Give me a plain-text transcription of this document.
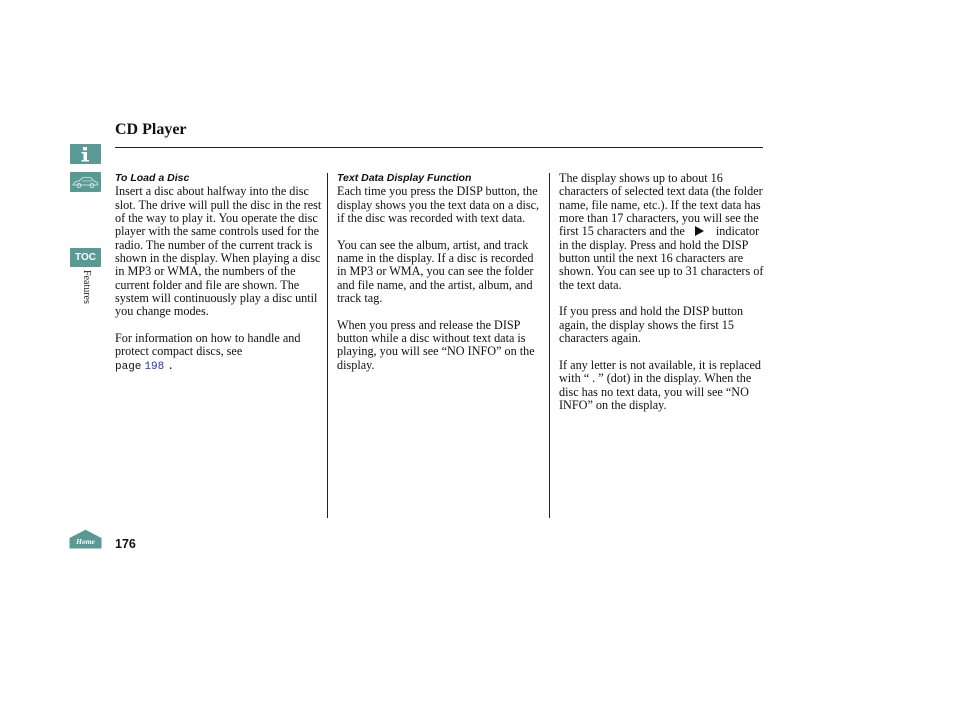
TOC
Features
Home
CD Player
To Load a Disc

Insert a disc about halfway into the disc slot. The drive will pull the disc in the rest of the way to play it. You operate the disc player with the same controls used for the radio. The number of the current track is shown in the display. When playing a disc in MP3 or WMA, the numbers of the current folder and file are shown. The system will continuously play a disc until you change modes.

For information on how to handle and protect compact discs, see
page 198 .

Text Data Display Function

Each time you press the DISP button, the display shows you the text data on a disc, if the disc was recorded with text data.

You can see the album, artist, and track name in the display. If a disc is recorded in MP3 or WMA, you can see the folder and file name, and the artist, album, and track tag.

When you press and release the DISP button while a disc without text data is playing, you will see “NO INFO” on the display.

The display shows up to about 16 characters of selected text data (the folder name, file name, etc.). If the text data has more than 17 characters, you will see the first 15 characters and the	indicator in the display. Press and hold the DISP button until the next 16 characters are shown. You can see up to 31 characters of the text data.

If you press and hold the DISP button again, the display shows the first 15 characters again.

If any letter is not available, it is replaced with “ . ” (dot) in the display. When the disc has no text data, you will see “NO INFO” on the display.

176
